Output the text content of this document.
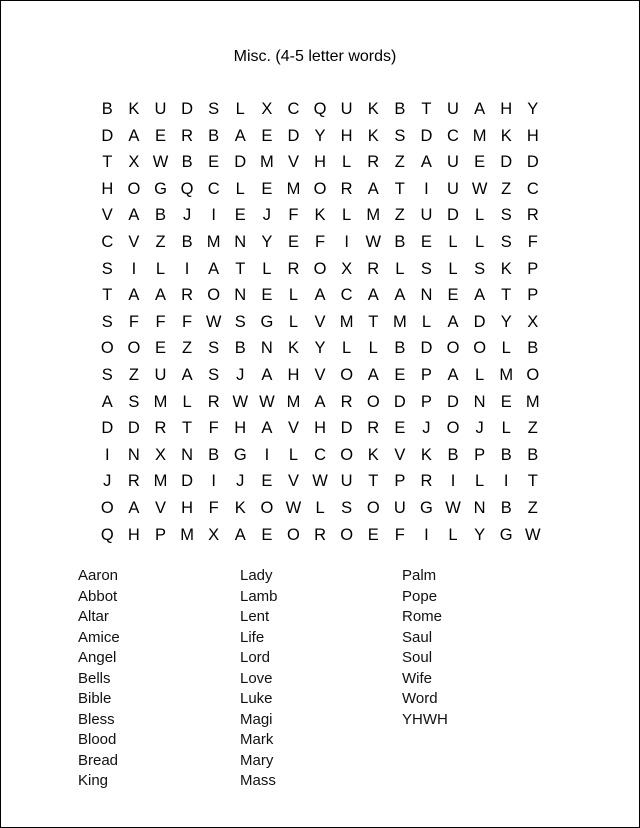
Misc. (4-5 letter words)
B K U D S	L X C Q U K B T U A H Y
D A E R B A E D Y H K S D C M K H
T X W B E D M V H L R Z A U E D D
H O G Q C L E M O R A T	I	U W Z C
V A B	J	I	E	J	F K	L M Z U D L S R
C V Z B M N Y E F	I	W B E	L	L S F
S	I	L	I	A T	L R O X R L S	L S K P
T A A R O N E	L A C A A N E A T P
S F	F	F W S G L V M T M L A D Y X
O O E Z S B N K Y	L	L B D O O L B
S Z U A S	J	A H V O A E P A	L M O
A S M L R W W M A R O D P D N E M
D D R T	F H A V H D R E	J O J	L	Z
I	N X N B G	I	L C O K V K B P B B
J	R M D	I	J	E V W U T P R	I	L	I	T
O A V H F K O W L S O U G W N B Z
Q H P M X A E O R O E F	I	L Y G W
Aaron
Abbot
Altar
Amice
Angel
Bells
Bible
Bless
Blood
Bread
King
Lady
Lamb
Lent
Life
Lord
Love
Luke
Magi
Mark
Mary
Mass
Palm
Pope
Rome
Saul
Soul
Wife
Word
YHWH
